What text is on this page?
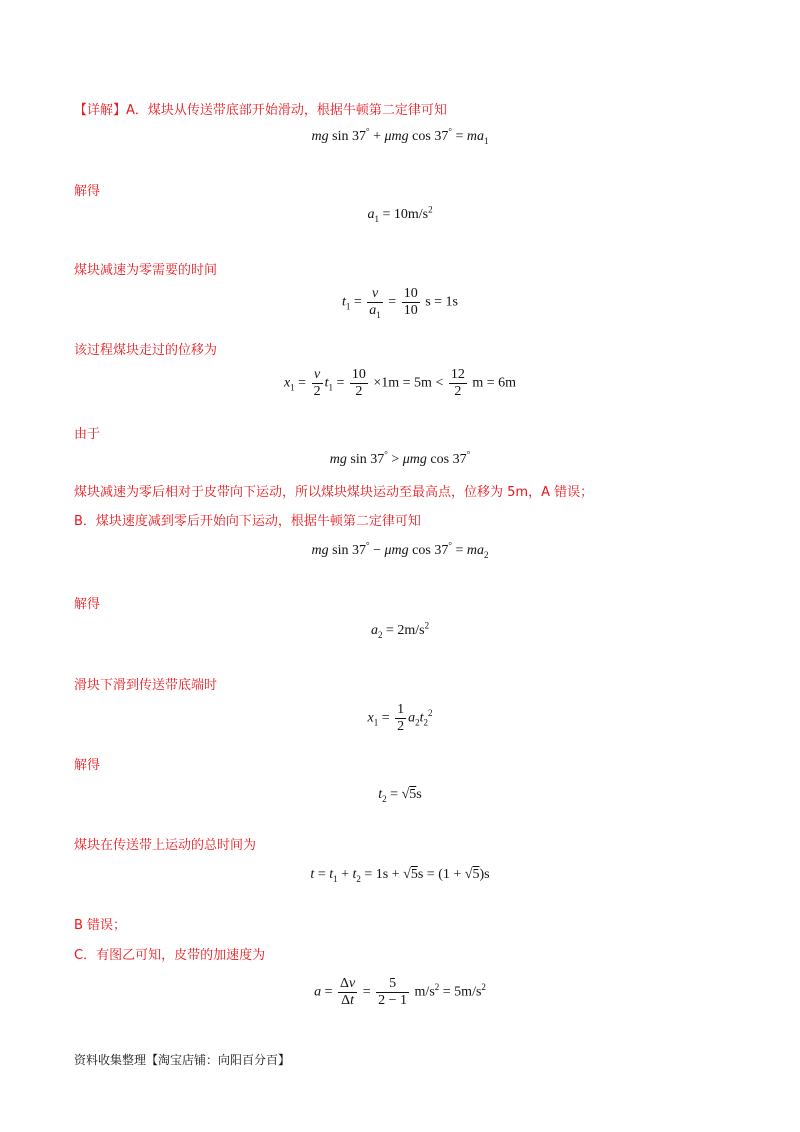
【详解】A．煤块从传送带底部开始滑动，根据牛顿第二定律可知
mg sin 37° + μmg $\cos 37^\circ = ma_1$
解得
$a_1 = 10m/s^2$
煤块减速为零需要的时间
$t_1 = \frac{v}{a_1} = \frac{10}{10}$ s = 1s
该过程煤块走过的位移为
$x_1 = \frac{v}{2} t_1 = \frac{10}{2} \times 1m = 5m < \frac{12}{2}$ m = 6m
由于
mg sin 37° > μmg cos 37°
煤块减速为零后相对于皮带向下运动，所以煤块煤块运动至最高点，位移为 5m，A 错误；
B．煤块速度减到零后开始向下运动，根据牛顿第二定律可知
mg sin 37° − μmg $\cos 37^\circ = ma_2$
解得
$a_2 = 2m/s^2$
滑块下滑到传送带底端时
$x_1 = \frac{1}{2} a_2t_2^2$
解得
$t_2 = √5s$
煤块在传送带上运动的总时间为
$t = t_1 + t_2 = 1s + √5s = (1 + √5)s$
B 错误；
C．有图乙可知，皮带的加速度为
$a = \frac{\Delta v}{\Delta t} = \frac{5}{2 - 1} m/s^2 = 5m/s^2$
资料收集整理【淘宝店铺：向阳百分百】
